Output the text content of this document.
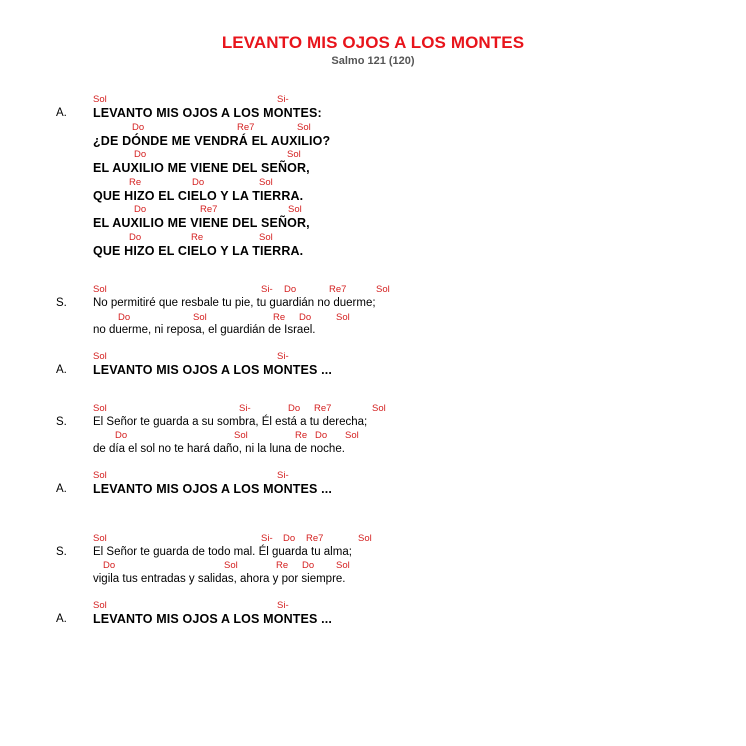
LEVANTO MIS OJOS A LOS MONTES
Salmo 121 (120)
Sol	Si-
A. LEVANTO MIS OJOS A LOS MONTES:
Do	Re7	Sol
¿DE DÓNDE ME VENDRÁ EL AUXILIO?
Do	Sol
EL AUXILIO ME VIENE DEL SEÑOR,
Re	Do	Sol
QUE HIZO EL CIELO Y LA TIERRA.
Do	Re7	Sol
EL AUXILIO ME VIENE DEL SEÑOR,
Do	Re	Sol
QUE HIZO EL CIELO Y LA TIERRA.
Sol	Si- Do	Re7	Sol
S. No permitiré que resbale tu pie, tu guardián no duerme;
Do	Sol	Re Do	Sol
no duerme, ni reposa, el guardián de Israel.
Sol	Si-
A. LEVANTO MIS OJOS A LOS MONTES ...
Sol	Si-	Do Re7	Sol
S. El Señor te guarda a su sombra, Él está a tu derecha;
Do	Sol	Re Do Sol
de día el sol no te hará daño, ni la luna de noche.
Sol	Si-
A. LEVANTO MIS OJOS A LOS MONTES ...
Sol	Si- Do Re7	Sol
S. El Señor te guarda de todo mal. Él guarda tu alma;
Do	Sol	Re Do Sol
vigila tus entradas y salidas, ahora y por siempre.
Sol	Si-
A. LEVANTO MIS OJOS A LOS MONTES ...
